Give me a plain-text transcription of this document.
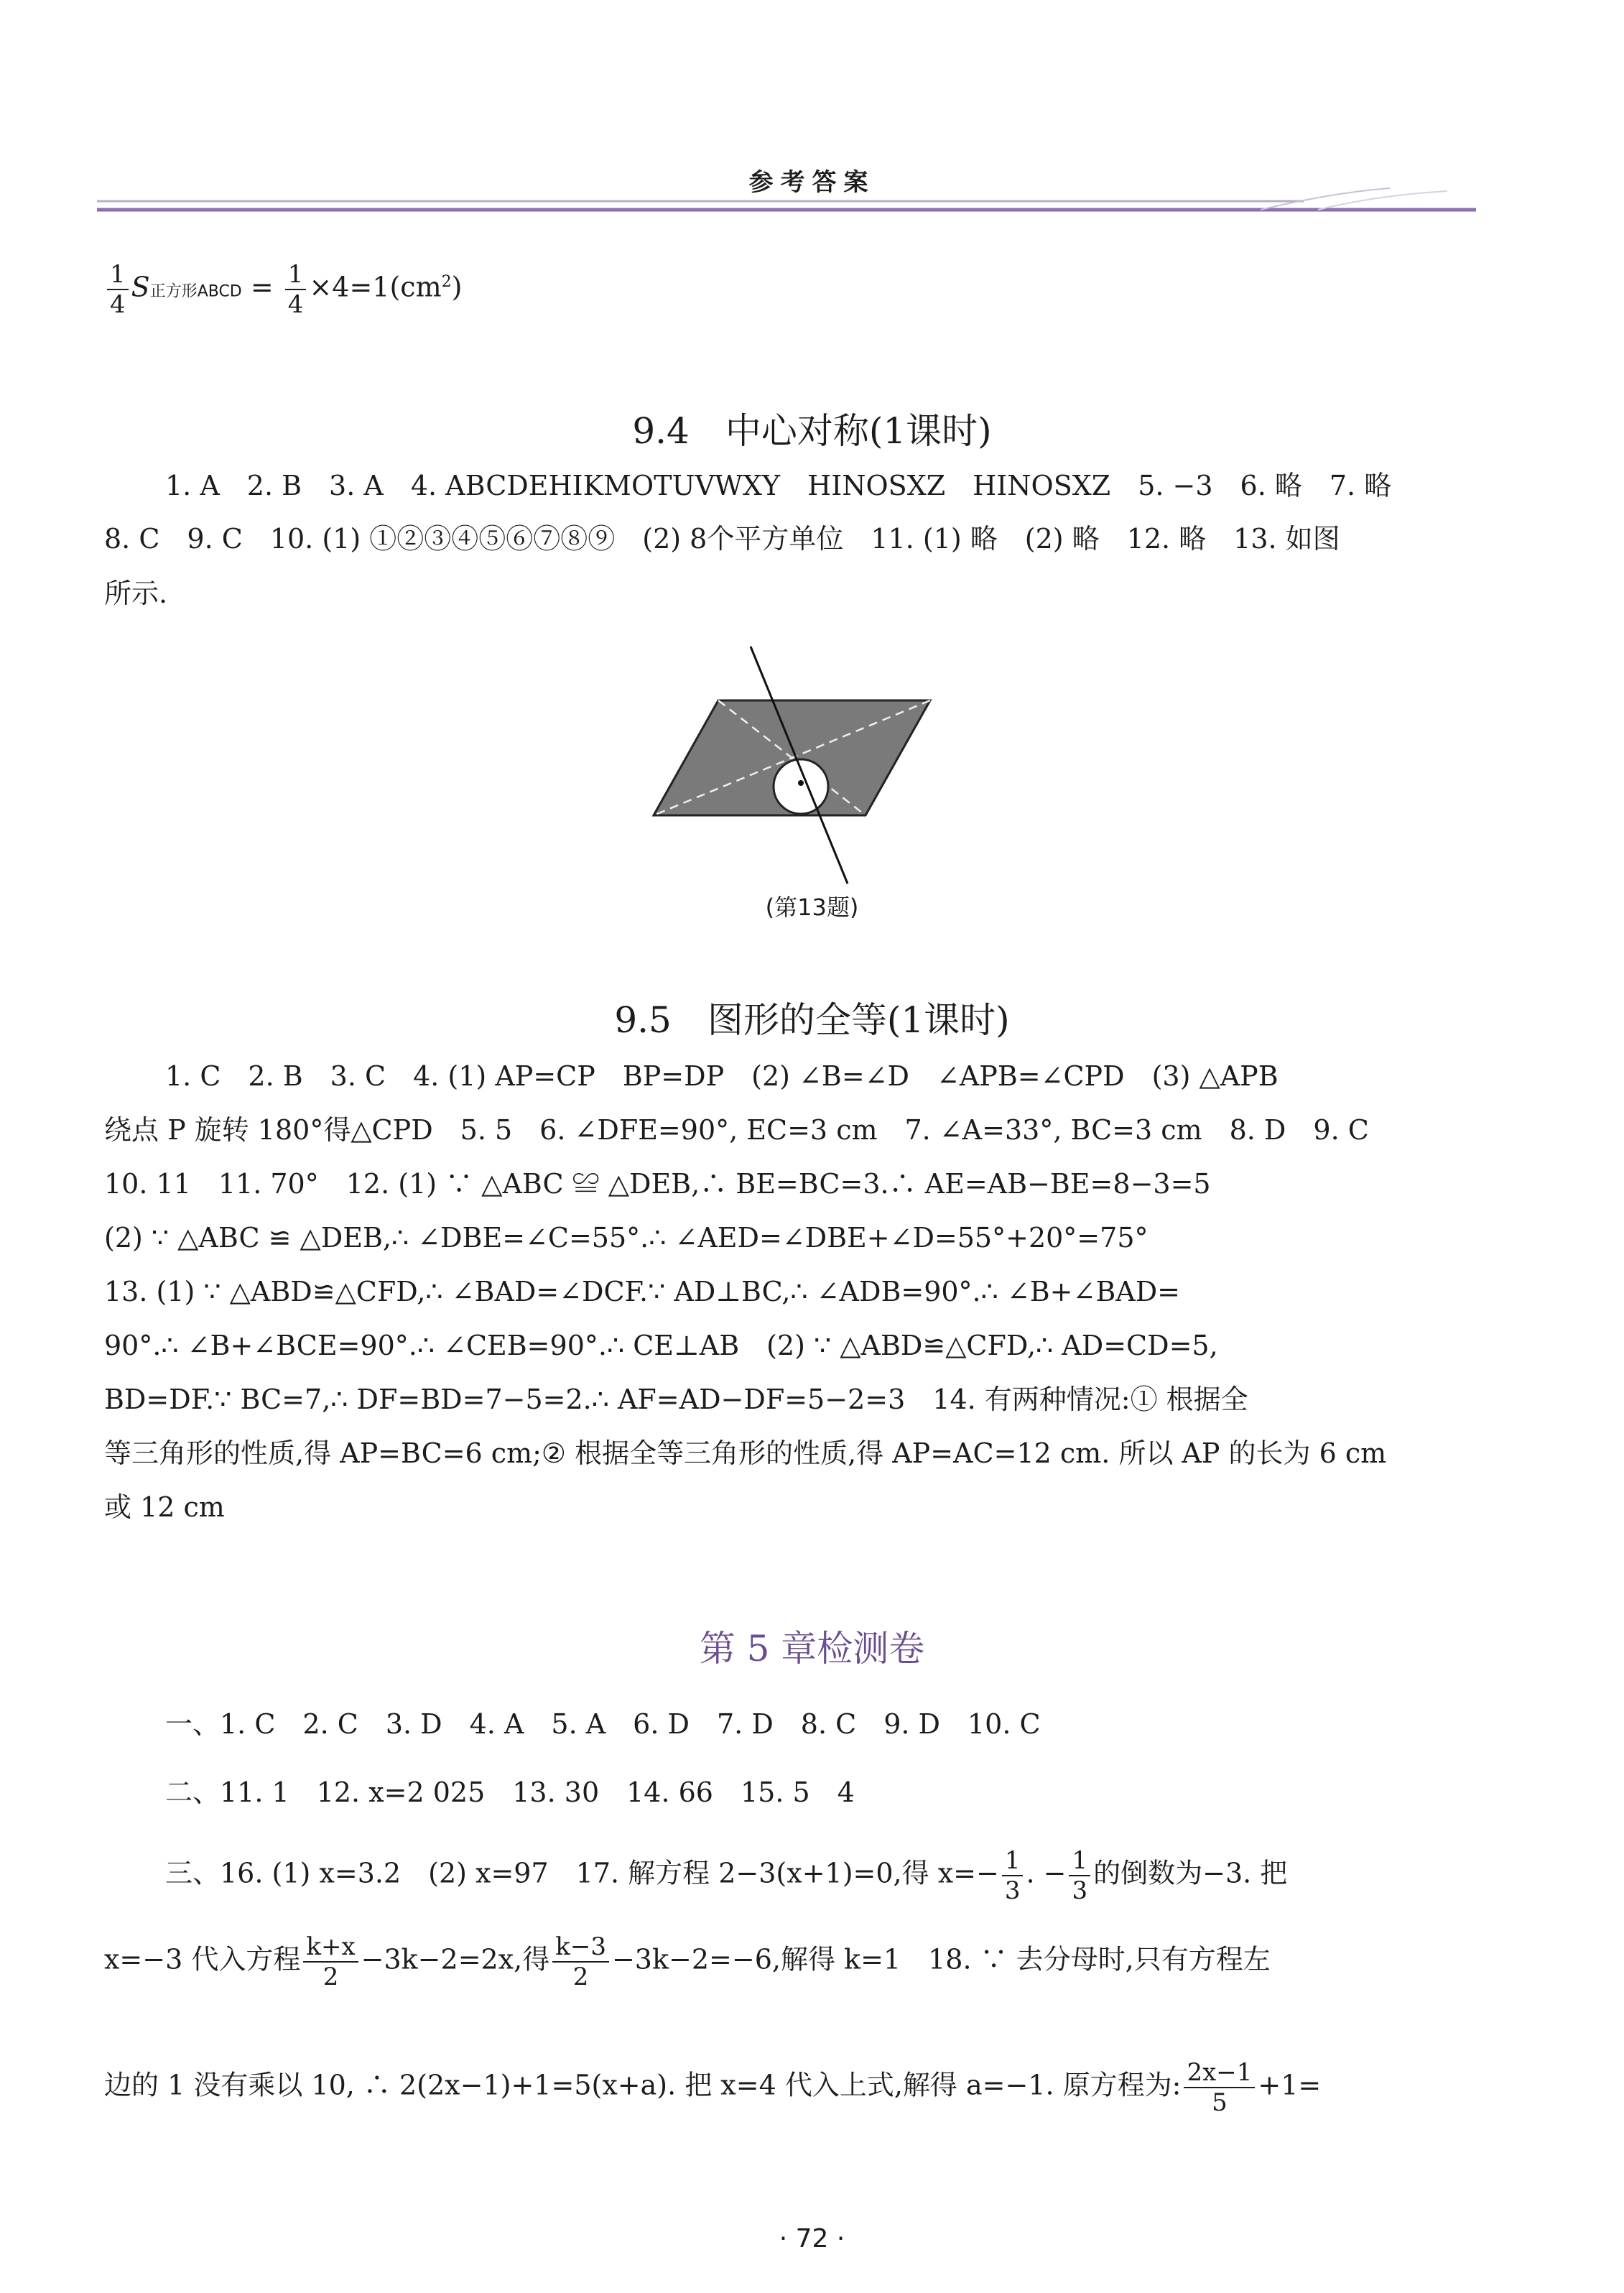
参考答案
$\frac{1}{4}$ S正方形ABCD = $\frac{1}{4} \times 4=1(cm^2)$
9.4　中心对称(1课时)
1. A　2. B　3. A　4. ABCDEHIKMOTUVWXY　HINOSXZ　HINOSXZ　5. −3　6. 略　7. 略
8. C　9. C　10. (1) ①②③④⑤⑥⑦⑧⑨　(2) 8个平方单位　11. (1) 略　(2) 略　12. 略　13. 如图
所示.
(第13题)
9.5　图形的全等(1课时)
1. C　2. B　3. C　4. (1) AP=CP　BP=DP　(2) ∠B=∠D　∠APB=∠CPD　(3) △APB
绕点 P 旋转 180°得△CPD　5. 5　6. ∠DFE=90°, EC=3 cm　7. ∠A=33°, BC=3 cm　8. D　9. C
10. 11　11. 70°　12. (1) ∵ △ABC ≌ △DEB,∴ BE=BC=3.∴ AE=AB−BE=8−3=5
(2) ∵ △ABC ≌ △DEB,∴ ∠DBE=∠C=55°.∴ ∠AED=∠DBE+∠D=55°+20°=75°
13. (1) ∵ △ABD≌△CFD,∴ ∠BAD=∠DCF.∵ AD⊥BC,∴ ∠ADB=90°.∴ ∠B+∠BAD=
90°.∴ ∠B+∠BCE=90°.∴ ∠CEB=90°.∴ CE⊥AB　(2) ∵ △ABD≌△CFD,∴ AD=CD=5,
BD=DF.∵ BC=7,∴ DF=BD=7−5=2.∴ AF=AD−DF=5−2=3　14. 有两种情况:① 根据全
等三角形的性质,得 AP=BC=6 cm;② 根据全等三角形的性质,得 AP=AC=12 cm. 所以 AP 的长为 6 cm
或 12 cm
第 5 章检测卷
一、1. C　2. C　3. D　4. A　5. A　6. D　7. D　8. C　9. D　10. C
二、11. 1　12. x=2 025　13. 30　14. 66　15. 5　4
三、16. (1) x=3.2　(2) x=97　17. 解方程 2−3(x+1)=0,得 $x=- \frac{1}{3}$ . − $\frac{1}{3}$ 的倒数为−3. 把
x=−3 代入方程 $\frac{k+x}{2} -3k-2=2x$,得 $\frac{k-3}{2} -3k-2=-6$,解得 k=1　18. ∵ 去分母时,只有方程左
边的 1 没有乘以 10, ∴ 2(2x−1)+1=5(x+a). 把 x=4 代入上式,解得 a=−1. 原方程为: $\frac{2x-1}{5} +1=$
· 72 ·
